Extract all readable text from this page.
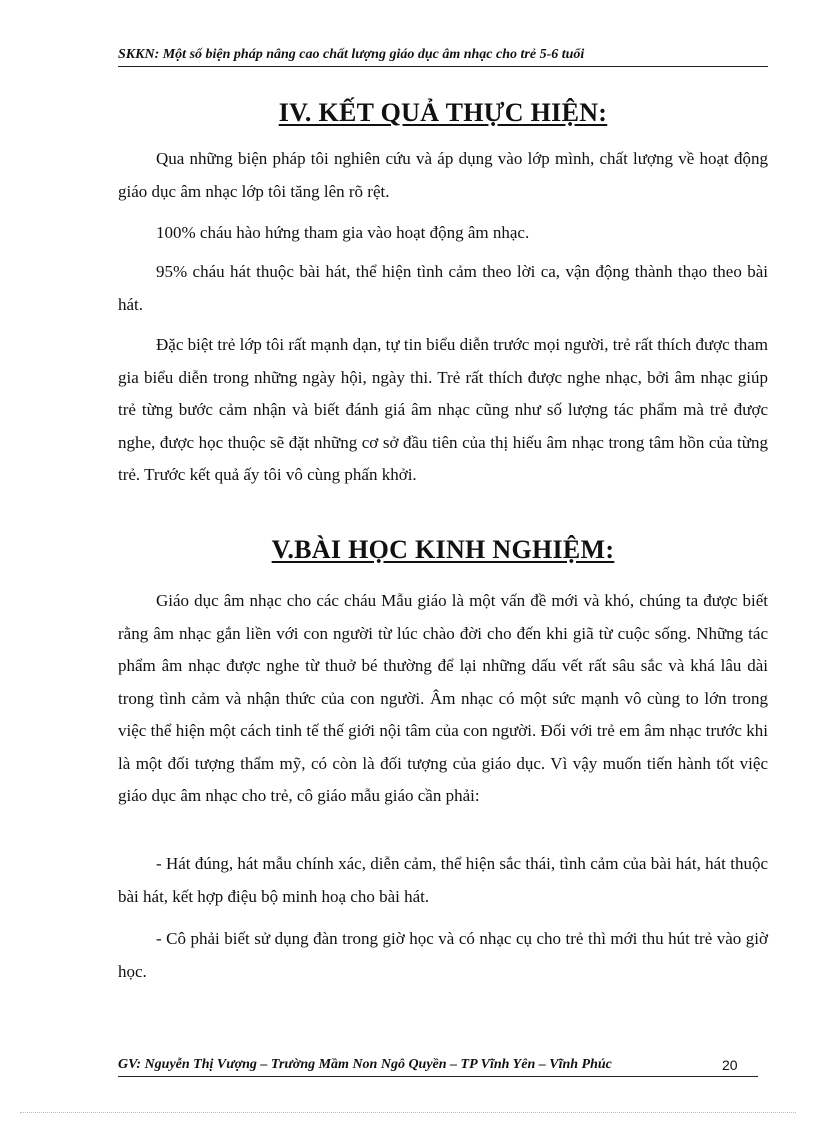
SKKN: Một số biện pháp nâng cao chất lượng giáo dục âm nhạc cho trẻ 5-6 tuổi
IV. KẾT QUẢ THỰC HIỆN:

Qua những biện pháp tôi nghiên cứu và áp dụng vào lớp mình, chất lượng về hoạt động giáo dục âm nhạc lớp tôi tăng lên rõ rệt.

100% cháu hào hứng tham gia vào hoạt động âm nhạc.

95% cháu hát thuộc bài hát, thể hiện tình cảm theo lời ca, vận động thành thạo theo bài hát.

Đặc biệt trẻ lớp tôi rất mạnh dạn, tự tin biểu diễn trước mọi người, trẻ rất thích được tham gia biểu diễn trong những ngày hội, ngày thi. Trẻ rất thích được nghe nhạc, bởi âm nhạc giúp trẻ từng bước cảm nhận và biết đánh giá âm nhạc cũng như số lượng tác phẩm mà trẻ được nghe, được học thuộc sẽ đặt những cơ sở đầu tiên của thị hiếu âm nhạc trong tâm hồn của từng trẻ. Trước kết quả ấy tôi vô cùng phấn khởi.

V.BÀI HỌC KINH NGHIỆM:

Giáo dục âm nhạc cho các cháu Mẫu giáo là một vấn đề mới và khó, chúng ta được biết rằng âm nhạc gắn liền với con người từ lúc chào đời cho đến khi giã từ cuộc sống. Những tác phẩm âm nhạc được nghe từ thuở bé thường để lại những dấu vết rất sâu sắc và khá lâu dài trong tình cảm và nhận thức của con người. Âm nhạc có một sức mạnh vô cùng to lớn trong việc thể hiện một cách tinh tế thế giới nội tâm của con người. Đối với trẻ em âm nhạc trước khi là một đối tượng thẩm mỹ, có còn là đối tượng của giáo dục. Vì vậy muốn tiến hành tốt việc giáo dục âm nhạc cho trẻ, cô giáo mẫu giáo cần phải:

- Hát đúng, hát mẫu chính xác, diễn cảm, thể hiện sắc thái, tình cảm của bài hát, hát thuộc bài hát, kết hợp điệu bộ minh hoạ cho bài hát.

- Cô phải biết sử dụng đàn trong giờ học và có nhạc cụ cho trẻ thì mới thu hút trẻ vào giờ học.

GV: Nguyễn Thị Vượng – Trường Mầm Non Ngô Quyền – TP Vĩnh Yên – Vĩnh Phúc	20
